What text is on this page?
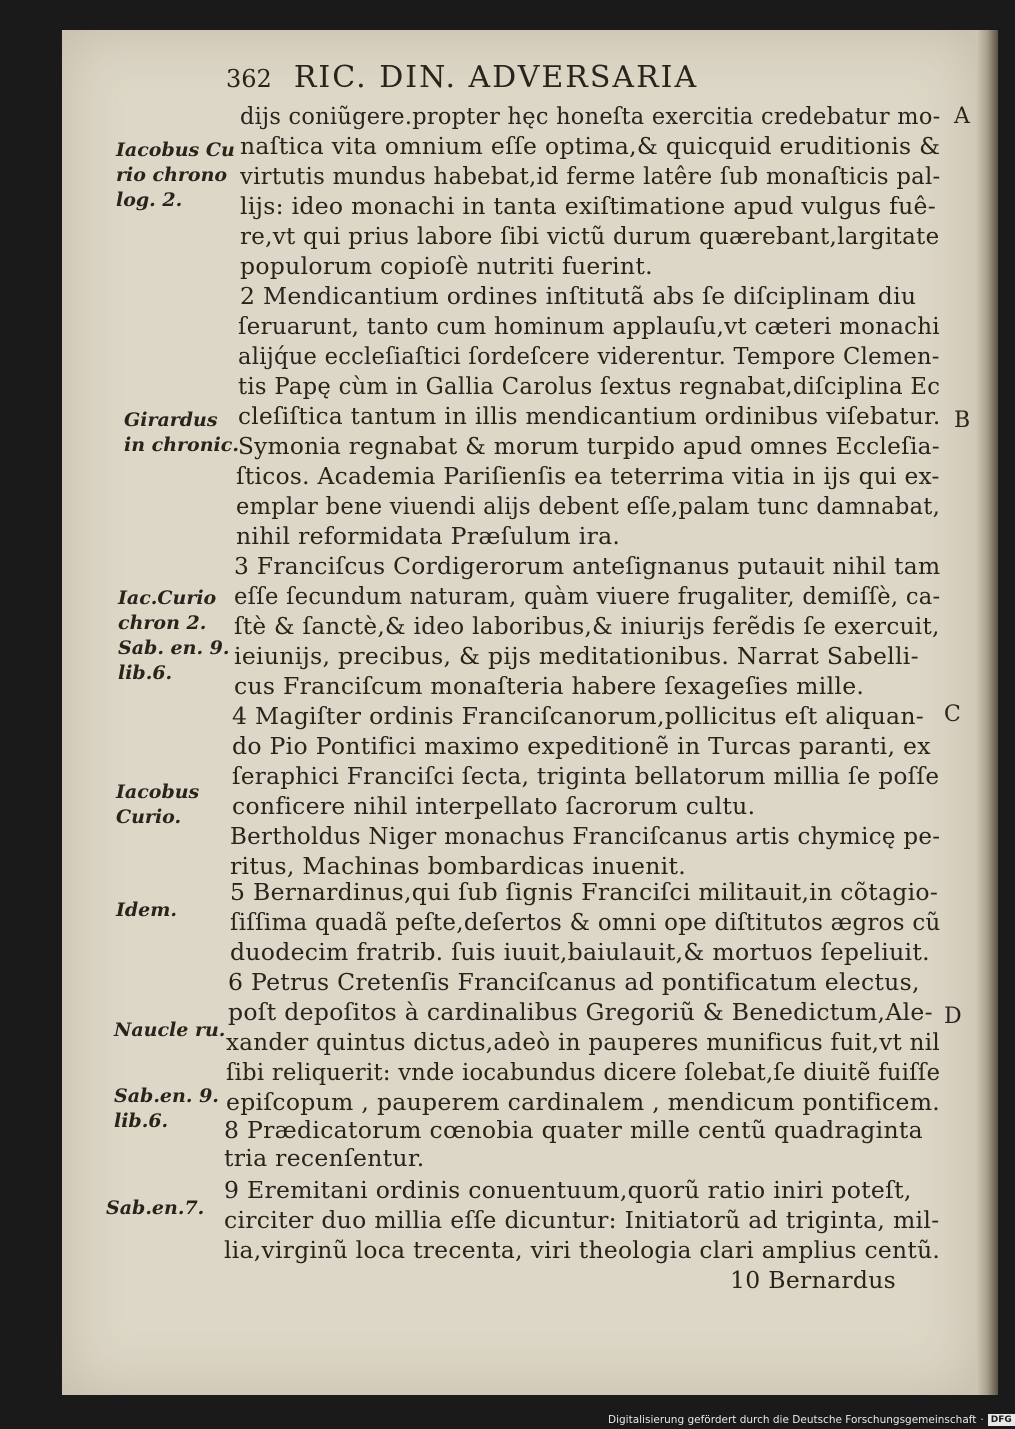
362 RIC. DIN. ADVERSARIA
dijs coniũgere.propter hęc honeſta exercitia credebatur mo-
naſtica vita omnium eſſe optima,& quicquid eruditionis &
virtutis mundus habebat,id ferme latêre ſub monaſticis pal-
lijs: ideo monachi in tanta exiſtimatione apud vulgus fuê-
re,vt qui prius labore ſibi victũ durum quærebant,largitate
populorum copioſè nutriti fuerint.
2 Mendicantium ordines inſtitutã abs ſe diſciplinam diu
ſeruarunt, tanto cum hominum applauſu,vt cæteri monachi
alijq́ue eccleſiaſtici ſordeſcere viderentur. Tempore Clemen-
tis Papę cùm in Gallia Carolus ſextus regnabat,diſciplina Ec
cleſiſtica tantum in illis mendicantium ordinibus viſebatur.
Symonia regnabat & morum turpido apud omnes Eccleſia-
ſticos. Academia Pariſienſis ea teterrima vitia in ijs qui ex-
emplar bene viuendi alijs debent eſſe,palam tunc damnabat,
nihil reformidata Præſulum ira.
3 Franciſcus Cordigerorum anteſignanus putauit nihil tam
eſſe ſecundum naturam, quàm viuere frugaliter, demiſſè, ca-
ſtè & ſanctè,& ideo laboribus,& iniurijs ferẽdis ſe exercuit,
ieiunijs, precibus, & pijs meditationibus. Narrat Sabelli-
cus Franciſcum monaſteria habere ſexageſies mille.
4 Magiſter ordinis Franciſcanorum,pollicitus eſt aliquan-
do Pio Pontifici maximo expeditionẽ in Turcas paranti, ex
ſeraphici Franciſci ſecta, triginta bellatorum millia ſe poſſe
conficere nihil interpellato ſacrorum cultu.
Bertholdus Niger monachus Franciſcanus artis chymicę pe-
ritus, Machinas bombardicas inuenit.
5 Bernardinus,qui ſub ſignis Franciſci militauit,in cõtagio-
ſiſſima quadã peſte,deſertos & omni ope diſtitutos ægros cũ
duodecim fratrib. ſuis iuuit,baiulauit,& mortuos ſepeliuit.
6 Petrus Cretenſis Franciſcanus ad pontificatum electus,
poſt depoſitos à cardinalibus Gregoriũ & Benedictum,Ale-
xander quintus dictus,adeò in pauperes munificus fuit,vt nil
ſibi reliquerit: vnde iocabundus dicere ſolebat,ſe diuitẽ fuiſſe
epiſcopum , pauperem cardinalem , mendicum pontificem.
8 Prædicatorum cœnobia quater mille centũ quadraginta
tria recenſentur.
9 Eremitani ordinis conuentuum,quorũ ratio iniri poteſt,
circiter duo millia eſſe dicuntur: Initiatorũ ad triginta, mil-
lia,virginũ loca trecenta, viri theologia clari amplius centũ.
10 Bernardus
Iacobus Cu
rio chrono
log. 2.
Girardus
in chronic.
Iac.Curio
chron 2.
Sab. en. 9.
lib.6.
Iacobus
Curio.
Idem.
Naucle ru.
Sab.en. 9.
lib.6.
Sab.en.7.
A
B
C
D
Digitalisierung gefördert durch die Deutsche Forschungsgemeinschaft · DFG
